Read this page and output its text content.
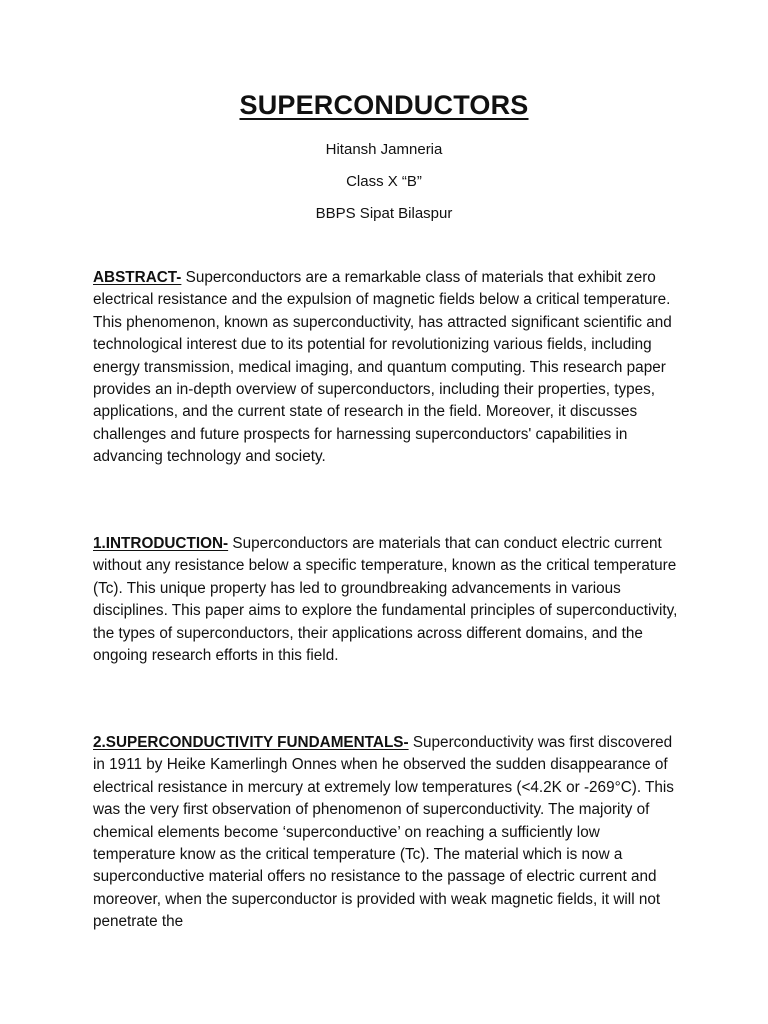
SUPERCONDUCTORS
Hitansh Jamneria
Class X “B”
BBPS Sipat Bilaspur

ABSTRACT- Superconductors are a remarkable class of materials that exhibit zero electrical resistance and the expulsion of magnetic fields below a critical temperature. This phenomenon, known as superconductivity, has attracted significant scientific and technological interest due to its potential for revolutionizing various fields, including energy transmission, medical imaging, and quantum computing. This research paper provides an in-depth overview of superconductors, including their properties, types, applications, and the current state of research in the field. Moreover, it discusses challenges and future prospects for harnessing superconductors' capabilities in advancing technology and society.

1.INTRODUCTION- Superconductors are materials that can conduct electric current without any resistance below a specific temperature, known as the critical temperature (Tc). This unique property has led to groundbreaking advancements in various disciplines. This paper aims to explore the fundamental principles of superconductivity, the types of superconductors, their applications across different domains, and the ongoing research efforts in this field.

2.SUPERCONDUCTIVITY FUNDAMENTALS- Superconductivity was first discovered in 1911 by Heike Kamerlingh Onnes when he observed the sudden disappearance of electrical resistance in mercury at extremely low temperatures (<4.2K or -269°C). This was the very first observation of phenomenon of superconductivity. The majority of chemical elements become ‘superconductive’ on reaching a sufficiently low temperature know as the critical temperature (Tc). The material which is now a superconductive material offers no resistance to the passage of electric current and moreover, when the superconductor is provided with weak magnetic fields, it will not penetrate the
